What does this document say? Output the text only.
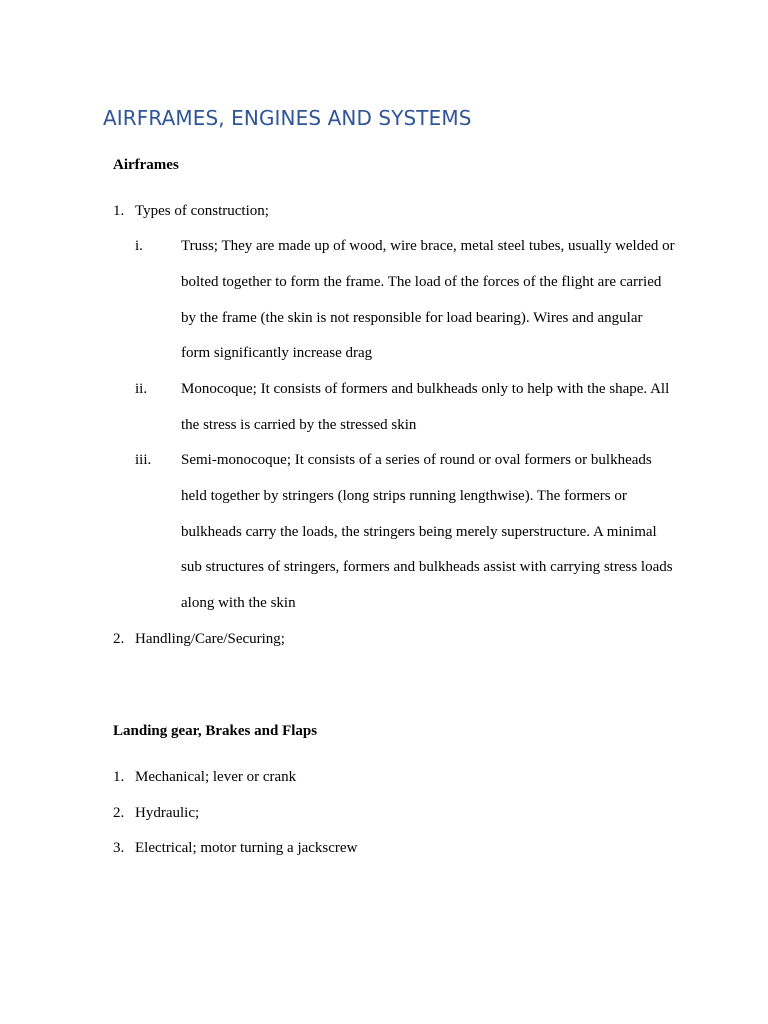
AIRFRAMES, ENGINES AND SYSTEMS
Airframes
1. Types of construction;
i.	Truss; They are made up of wood, wire brace, metal steel tubes, usually welded or
bolted together to form the frame. The load of the forces of the flight are carried
by the frame (the skin is not responsible for load bearing). Wires and angular
form significantly increase drag
ii. Monocoque; It consists of formers and bulkheads only to help with the shape. All
the stress is carried by the stressed skin
iii. Semi-monocoque; It consists of a series of round or oval formers or bulkheads
held together by stringers (long strips running lengthwise). The formers or
bulkheads carry the loads, the stringers being merely superstructure. A minimal
sub structures of stringers, formers and bulkheads assist with carrying stress loads
along with the skin
2. Handling/Care/Securing;
Landing gear, Brakes and Flaps
1. Mechanical; lever or crank
2. Hydraulic;
3. Electrical; motor turning a jackscrew
